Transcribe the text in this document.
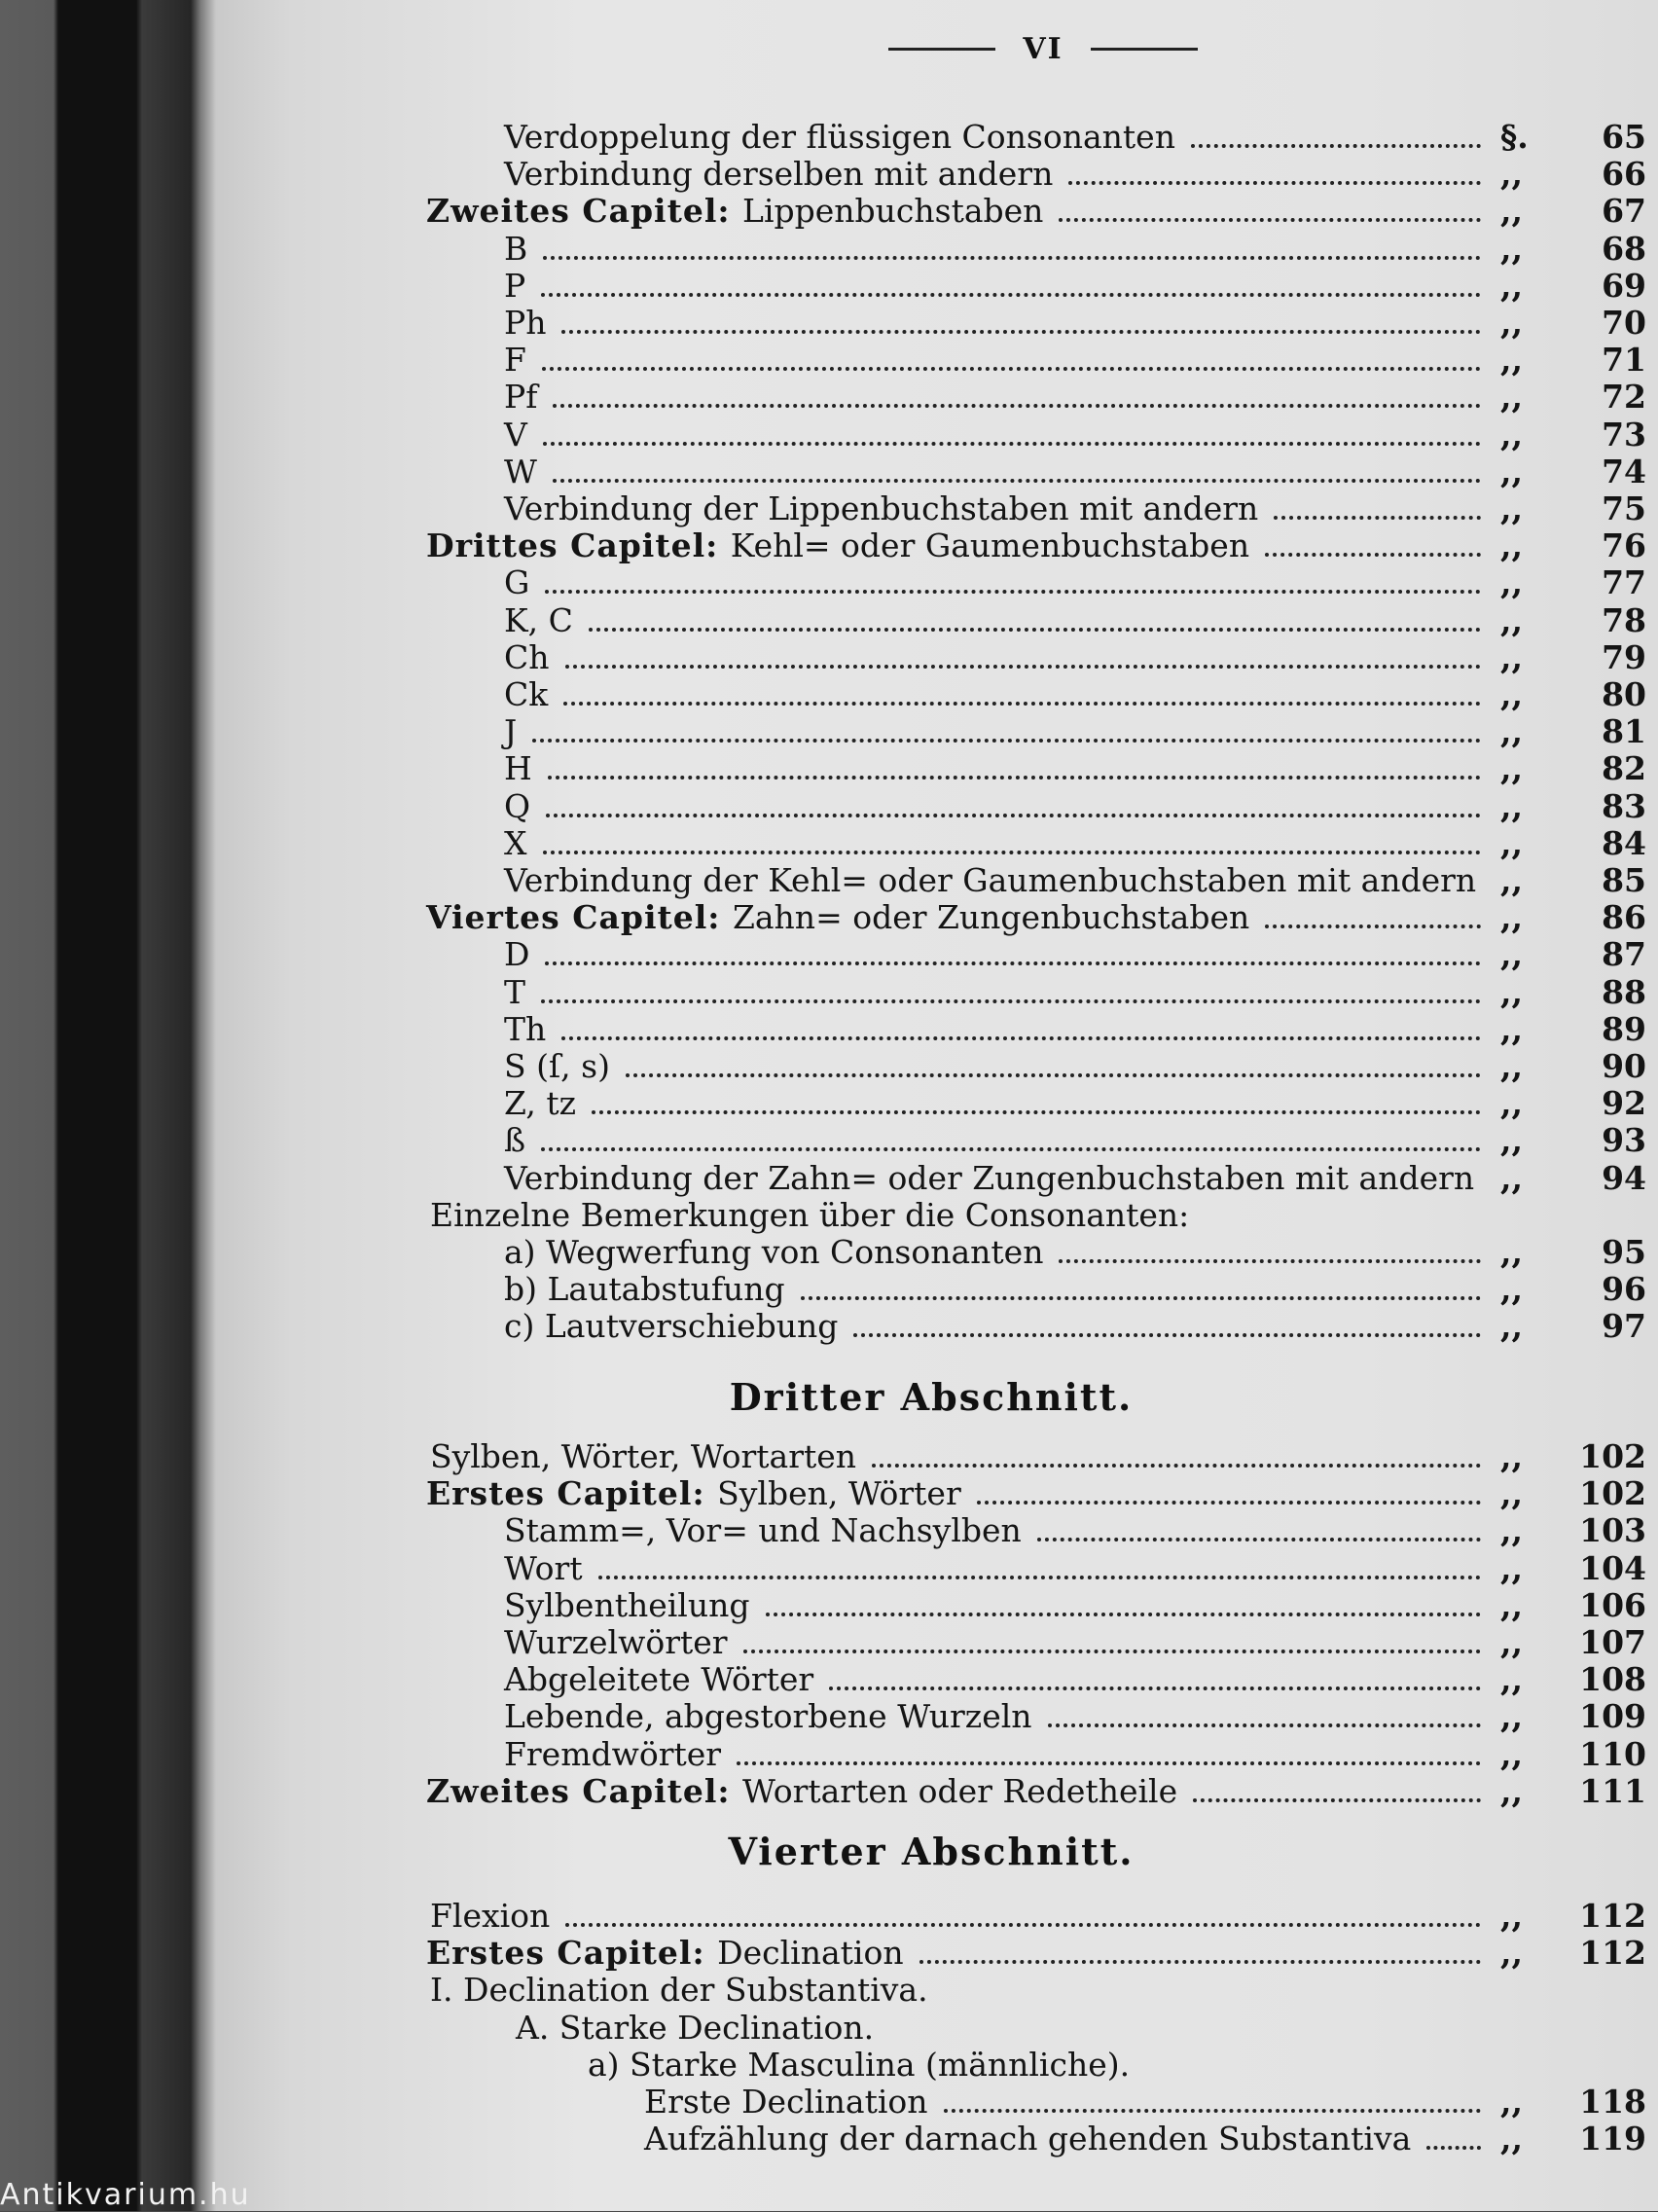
VI
Verdoppelung der flüssigen Consonanten	§.	65
Verbindung derselben mit andern	,,	66
Zweites Capitel: Lippenbuchstaben	,,	67
B	,,	68
P	,,	69
Ph	,,	70
F	,,	71
Pf	,,	72
V	,,	73
W	,,	74
Verbindung der Lippenbuchstaben mit andern	,,	75
Drittes Capitel: Kehl= oder Gaumenbuchstaben	,,	76
G	,,	77
K, C	,,	78
Ch	,,	79
Ck	,,	80
J	,,	81
H	,,	82
Q	,,	83
X	,,	84
Verbindung der Kehl= oder Gaumenbuchstaben mit andern ,,	85
Viertes Capitel: Zahn= oder Zungenbuchstaben	,,	86
D	,,	87
T	,,	88
Th	,,	89
S (ſ, s)	,,	90
Z, tz	,,	92
ß	,,	93
Verbindung der Zahn= oder Zungenbuchstaben mit andern ,,	94
Einzelne Bemerkungen über die Consonanten:
a) Wegwerfung von Consonanten	,,	95
b) Lautabstufung	,,	96
c) Lautverschiebung	,,	97
Sylben, Wörter, Wortarten	,,	102
Erstes Capitel: Sylben, Wörter	,,	102
Stamm=, Vor= und Nachsylben	,,	103
Wort	,,	104
Sylbentheilung	,,	106
Wurzelwörter	,,	107
Abgeleitete Wörter	,,	108
Lebende, abgestorbene Wurzeln	,,	109
Fremdwörter	,,	110
Zweites Capitel: Wortarten oder Redetheile	,,	111
Flexion	,,	112
Erstes Capitel: Declination	,,	112
I. Declination der Substantiva.
A. Starke Declination.
a) Starke Masculina (männliche).
Erste Declination	,,	118
Aufzählung der darnach gehenden Substantiva	,,	119
Dritter Abschnitt.
Vierter Abschnitt.
Antikvarium.hu
